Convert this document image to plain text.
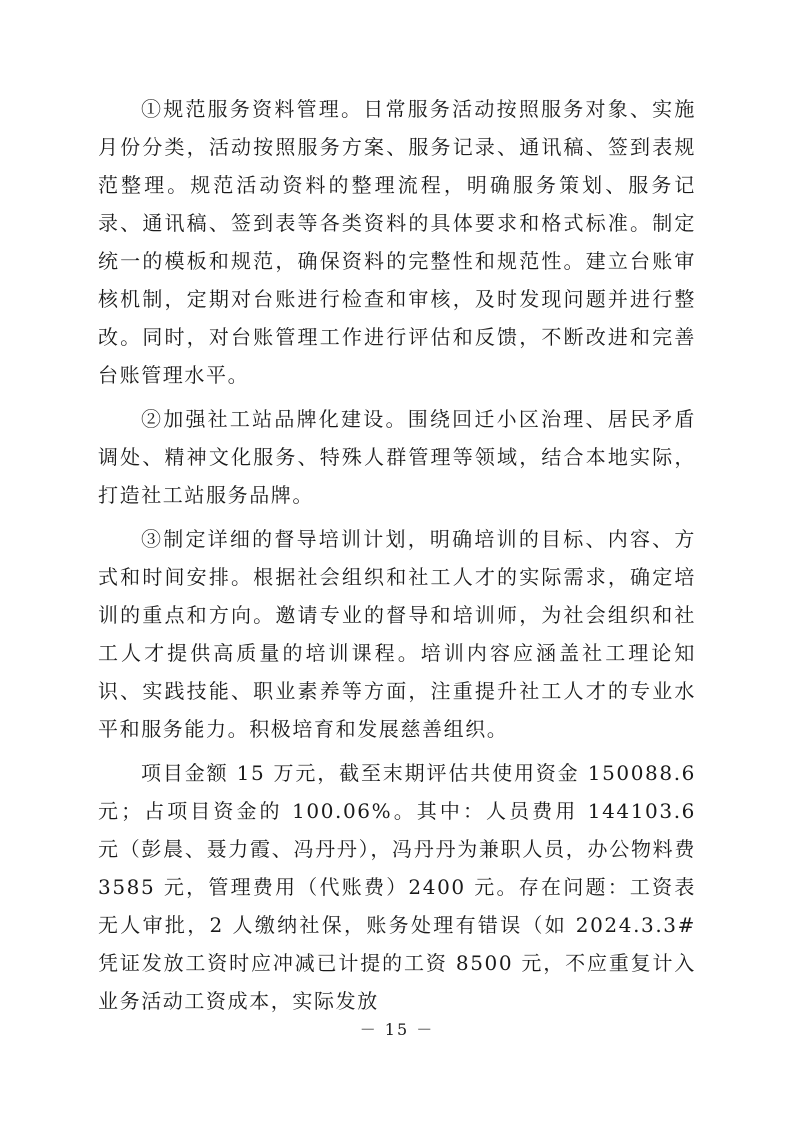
①规范服务资料管理。日常服务活动按照服务对象、实施月份分类，活动按照服务方案、服务记录、通讯稿、签到表规范整理。规范活动资料的整理流程，明确服务策划、服务记录、通讯稿、签到表等各类资料的具体要求和格式标准。制定统一的模板和规范，确保资料的完整性和规范性。建立台账审核机制，定期对台账进行检查和审核，及时发现问题并进行整改。同时，对台账管理工作进行评估和反馈，不断改进和完善台账管理水平。

②加强社工站品牌化建设。围绕回迁小区治理、居民矛盾调处、精神文化服务、特殊人群管理等领域，结合本地实际，打造社工站服务品牌。

③制定详细的督导培训计划，明确培训的目标、内容、方式和时间安排。根据社会组织和社工人才的实际需求，确定培训的重点和方向。邀请专业的督导和培训师，为社会组织和社工人才提供高质量的培训课程。培训内容应涵盖社工理论知识、实践技能、职业素养等方面，注重提升社工人才的专业水平和服务能力。积极培育和发展慈善组织。

项目金额 15 万元，截至末期评估共使用资金 150088.6 元；占项目资金的 100.06%。其中：人员费用 144103.6 元（彭晨、聂力霞、冯丹丹），冯丹丹为兼职人员，办公物料费 3585 元，管理费用（代账费）2400 元。存在问题：工资表无人审批，2 人缴纳社保，账务处理有错误（如 2024.3.3#凭证发放工资时应冲减已计提的工资 8500 元，不应重复计入业务活动工资成本，实际发放

－ 15 －
